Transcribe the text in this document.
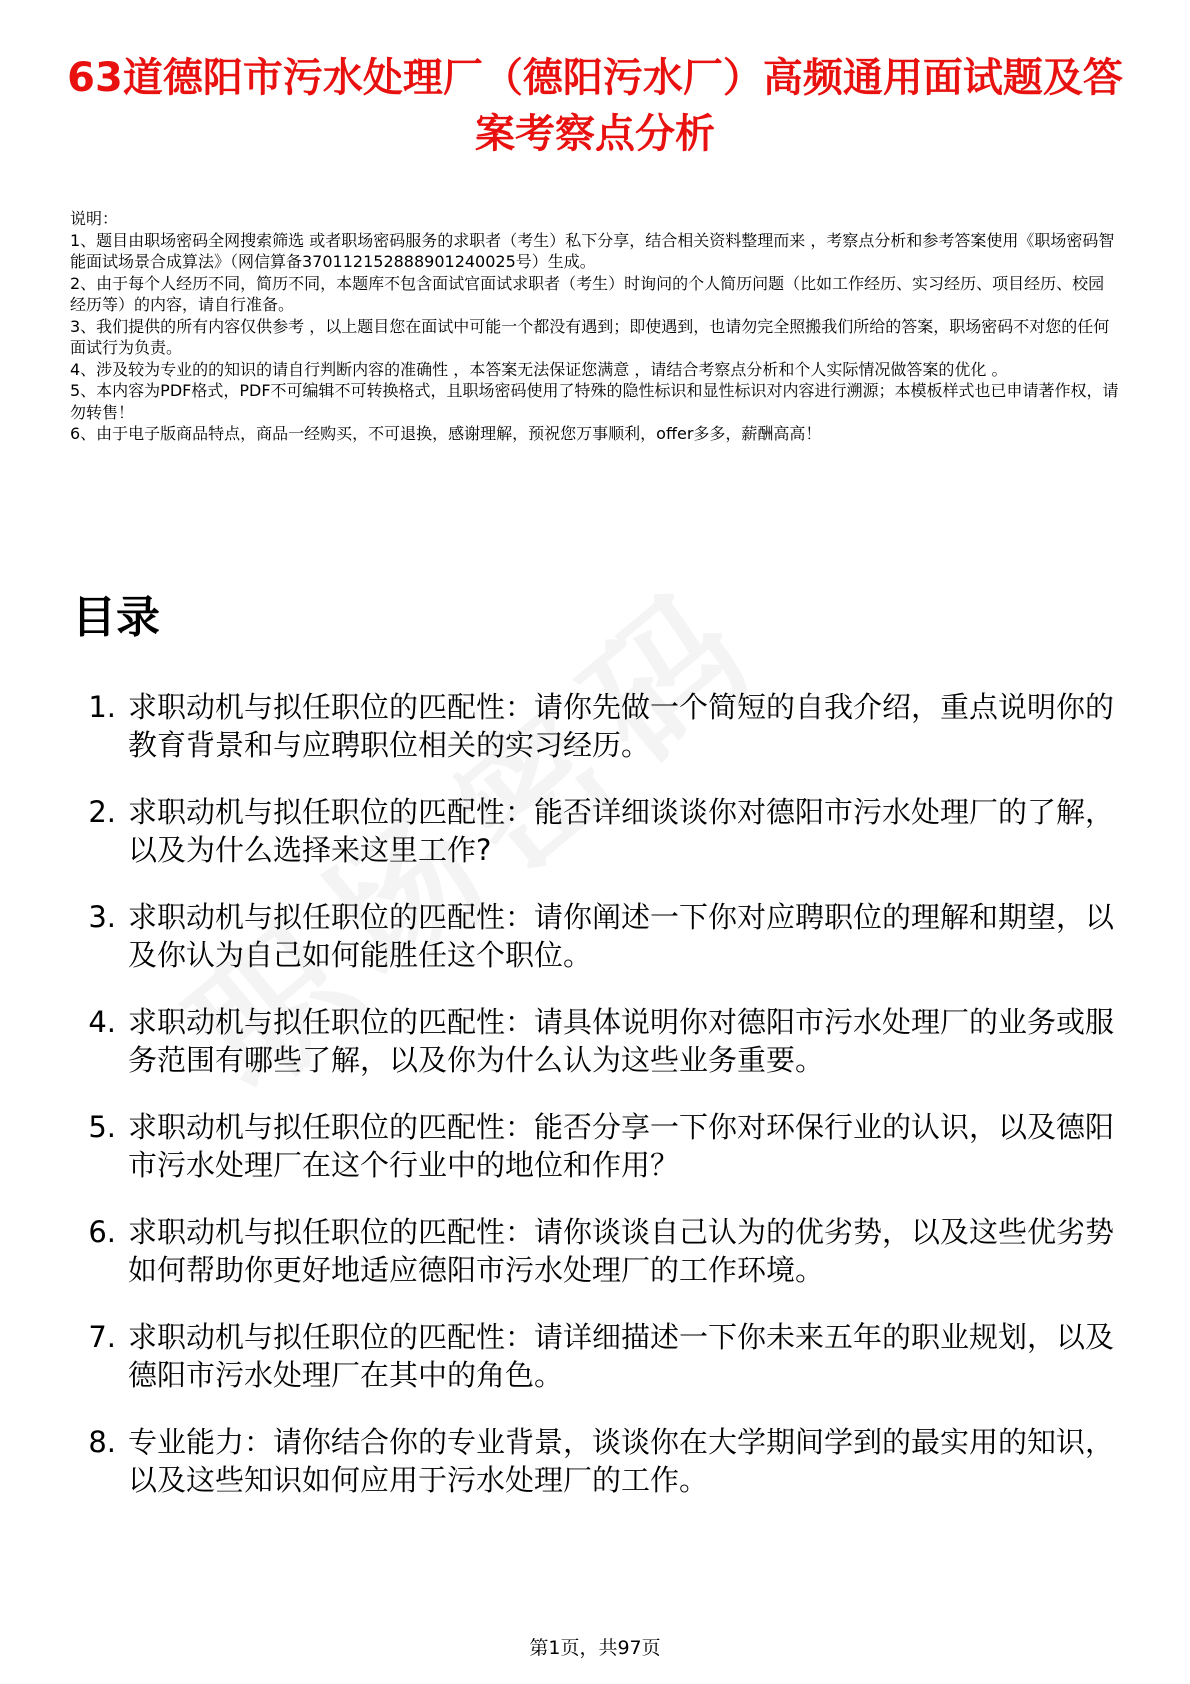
63道德阳市污水处理厂（德阳污水厂）高频通用面试题及答案考察点分析

说明：

1、题目由职场密码全网搜索筛选 或者职场密码服务的求职者（考生）私下分享，结合相关资料整理而来 ，考察点分析和参考答案使用《职场密码智能面试场景合成算法》（网信算备370112152888901240025号）生成。

2、由于每个人经历不同，简历不同，本题库不包含面试官面试求职者（考生）时询问的个人简历问题（比如工作经历、实习经历、项目经历、校园经历等）的内容，请自行准备。

3、我们提供的所有内容仅供参考 ，以上题目您在面试中可能一个都没有遇到；即使遇到，也请勿完全照搬我们所给的答案，职场密码不对您的任何面试行为负责。

4、涉及较为专业的的知识的请自行判断内容的准确性 ，本答案无法保证您满意 ，请结合考察点分析和个人实际情况做答案的优化 。

5、本内容为PDF格式，PDF不可编辑不可转换格式，且职场密码使用了特殊的隐性标识和显性标识对内容进行溯源；本模板样式也已申请著作权，请勿转售！

6、由于电子版商品特点，商品一经购买，不可退换，感谢理解，预祝您万事顺利，offer多多，薪酬高高！

目录
1. 求职动机与拟任职位的匹配性：请你先做一个简短的自我介绍，重点说明你的教育背景和与应聘职位相关的实习经历。
2. 求职动机与拟任职位的匹配性：能否详细谈谈你对德阳市污水处理厂的了解，以及为什么选择来这里工作?
3. 求职动机与拟任职位的匹配性：请你阐述一下你对应聘职位的理解和期望，以及你认为自己如何能胜任这个职位。
4. 求职动机与拟任职位的匹配性：请具体说明你对德阳市污水处理厂的业务或服务范围有哪些了解，以及你为什么认为这些业务重要。
5. 求职动机与拟任职位的匹配性：能否分享一下你对环保行业的认识，以及德阳市污水处理厂在这个行业中的地位和作用？
6. 求职动机与拟任职位的匹配性：请你谈谈自己认为的优劣势，以及这些优劣势如何帮助你更好地适应德阳市污水处理厂的工作环境。
7. 求职动机与拟任职位的匹配性：请详细描述一下你未来五年的职业规划，以及德阳市污水处理厂在其中的角色。
8. 专业能力：请你结合你的专业背景，谈谈你在大学期间学到的最实用的知识，以及这些知识如何应用于污水处理厂的工作。
第1页，共97页
